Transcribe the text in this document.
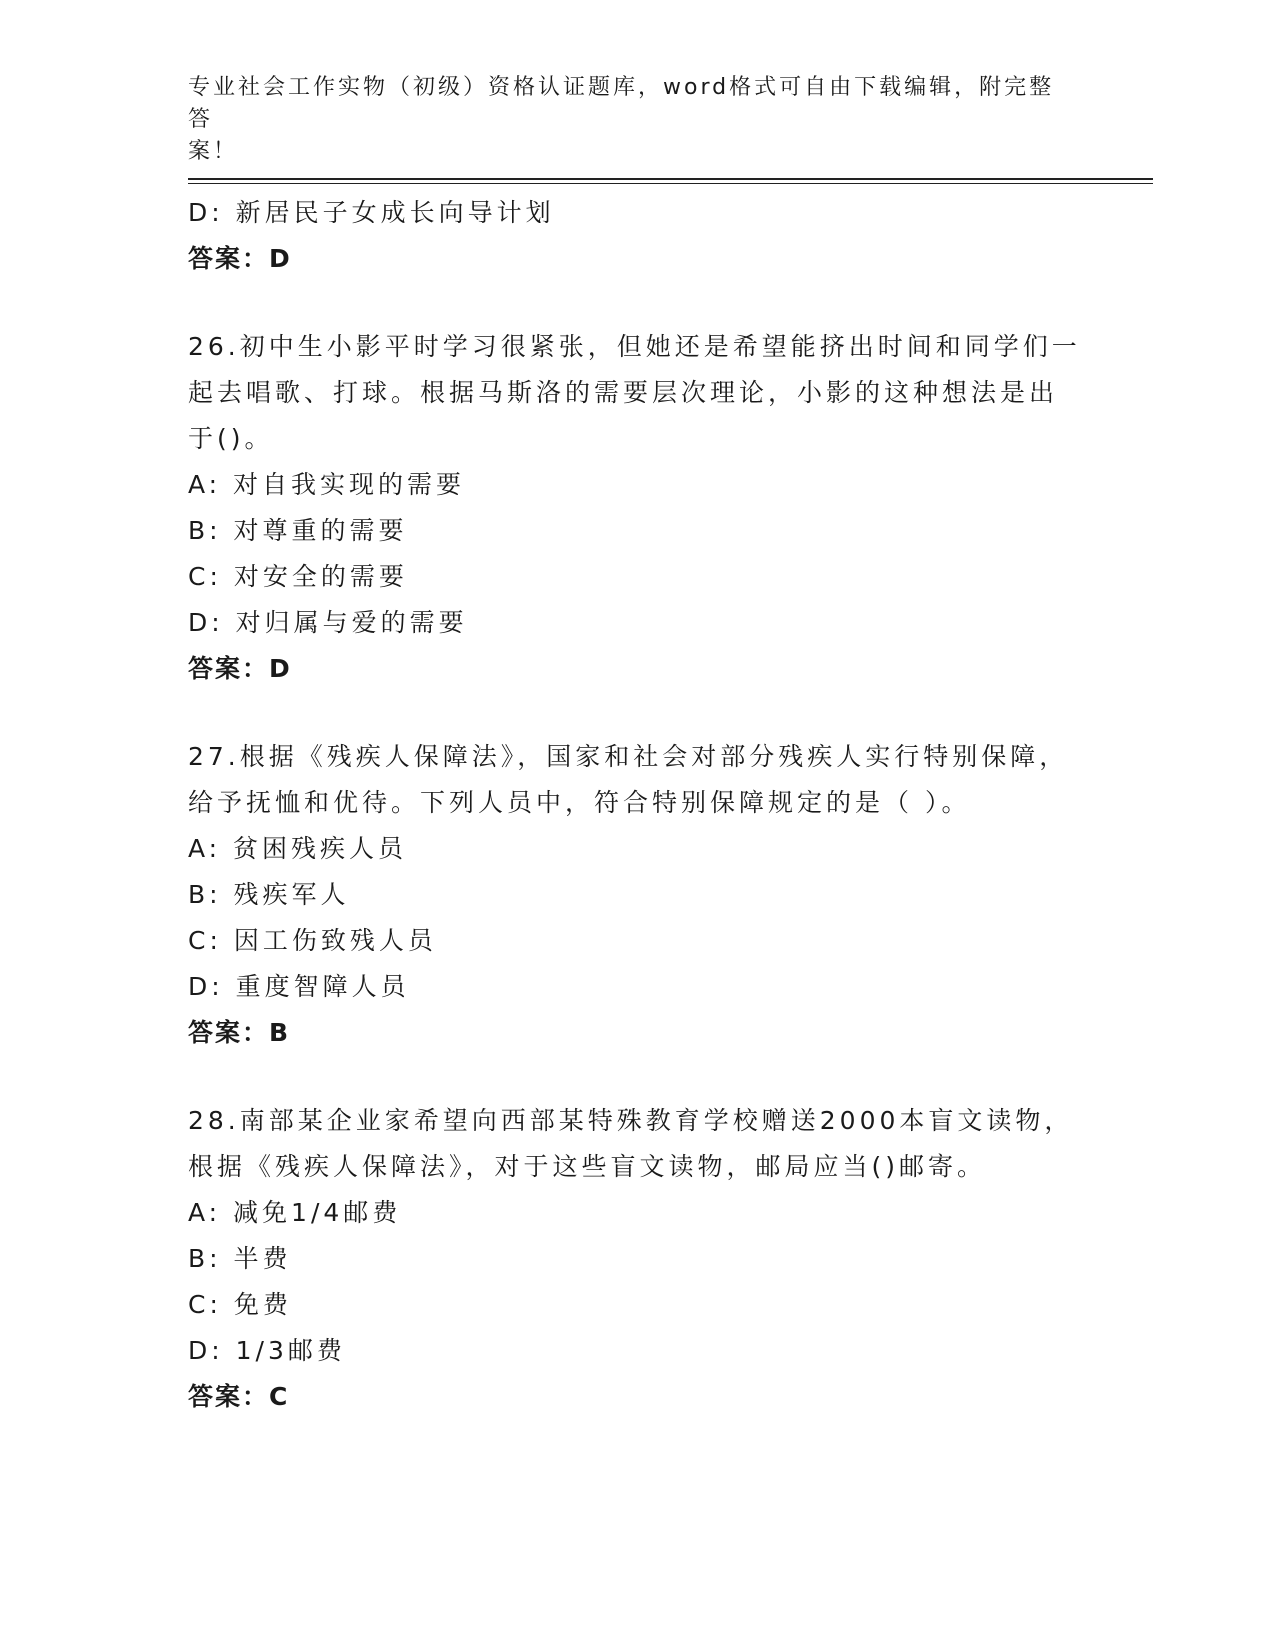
专业社会工作实物（初级）资格认证题库，word格式可自由下载编辑，附完整答
案！
D: 新居民子女成长向导计划
答案：D
26.初中生小影平时学习很紧张，但她还是希望能挤出时间和同学们一
起去唱歌、打球。根据马斯洛的需要层次理论，小影的这种想法是出
于()。
A: 对自我实现的需要
B: 对尊重的需要
C: 对安全的需要
D: 对归属与爱的需要
答案：D
27.根据《残疾人保障法》，国家和社会对部分残疾人实行特别保障，
给予抚恤和优待。下列人员中，符合特别保障规定的是（ ）。
A: 贫困残疾人员
B: 残疾军人
C: 因工伤致残人员
D: 重度智障人员
答案：B
28.南部某企业家希望向西部某特殊教育学校赠送2000本盲文读物，
根据《残疾人保障法》，对于这些盲文读物，邮局应当()邮寄。
A: 减免1/4邮费
B: 半费
C: 免费
D: 1/3邮费
答案：C
